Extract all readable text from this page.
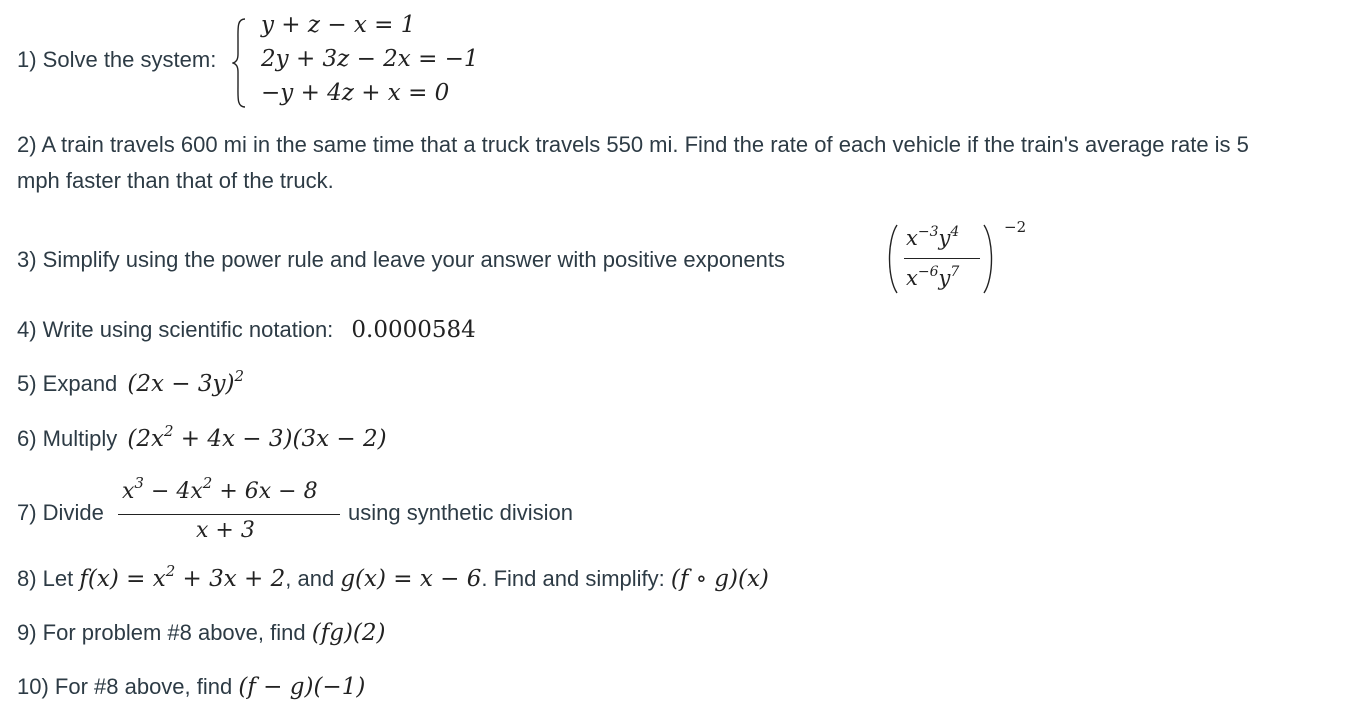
1) Solve the system:
y + z − x = 1
2y + 3z − 2x = −1
−y + 4z + x = 0
2) A train travels 600 mi in the same time that a truck travels 550 mi. Find the rate of each vehicle if the train's average rate is 5
mph faster than that of the truck.
3) Simplify using the power rule and leave your answer with positive exponents
$x^{-3}y^4$
$x^{-6}y^7$
−2
4) Write using scientific notation: 0.0000584
5) Expand $(2x - 3y)^2$
6) Multiply $(2x^2 + 4x - 3)(3x - 2)$
7) Divide
$x^3 - 4x^2 + 6x - 8$
x + 3
using synthetic division
8) Let $f(x) = x^2 + 3x + 2$, and g(x) = x − 6. Find and simplify: (f ∘ g)(x)
9) For problem #8 above, find (fg)(2)
10) For #8 above, find (f − g)(−1)
